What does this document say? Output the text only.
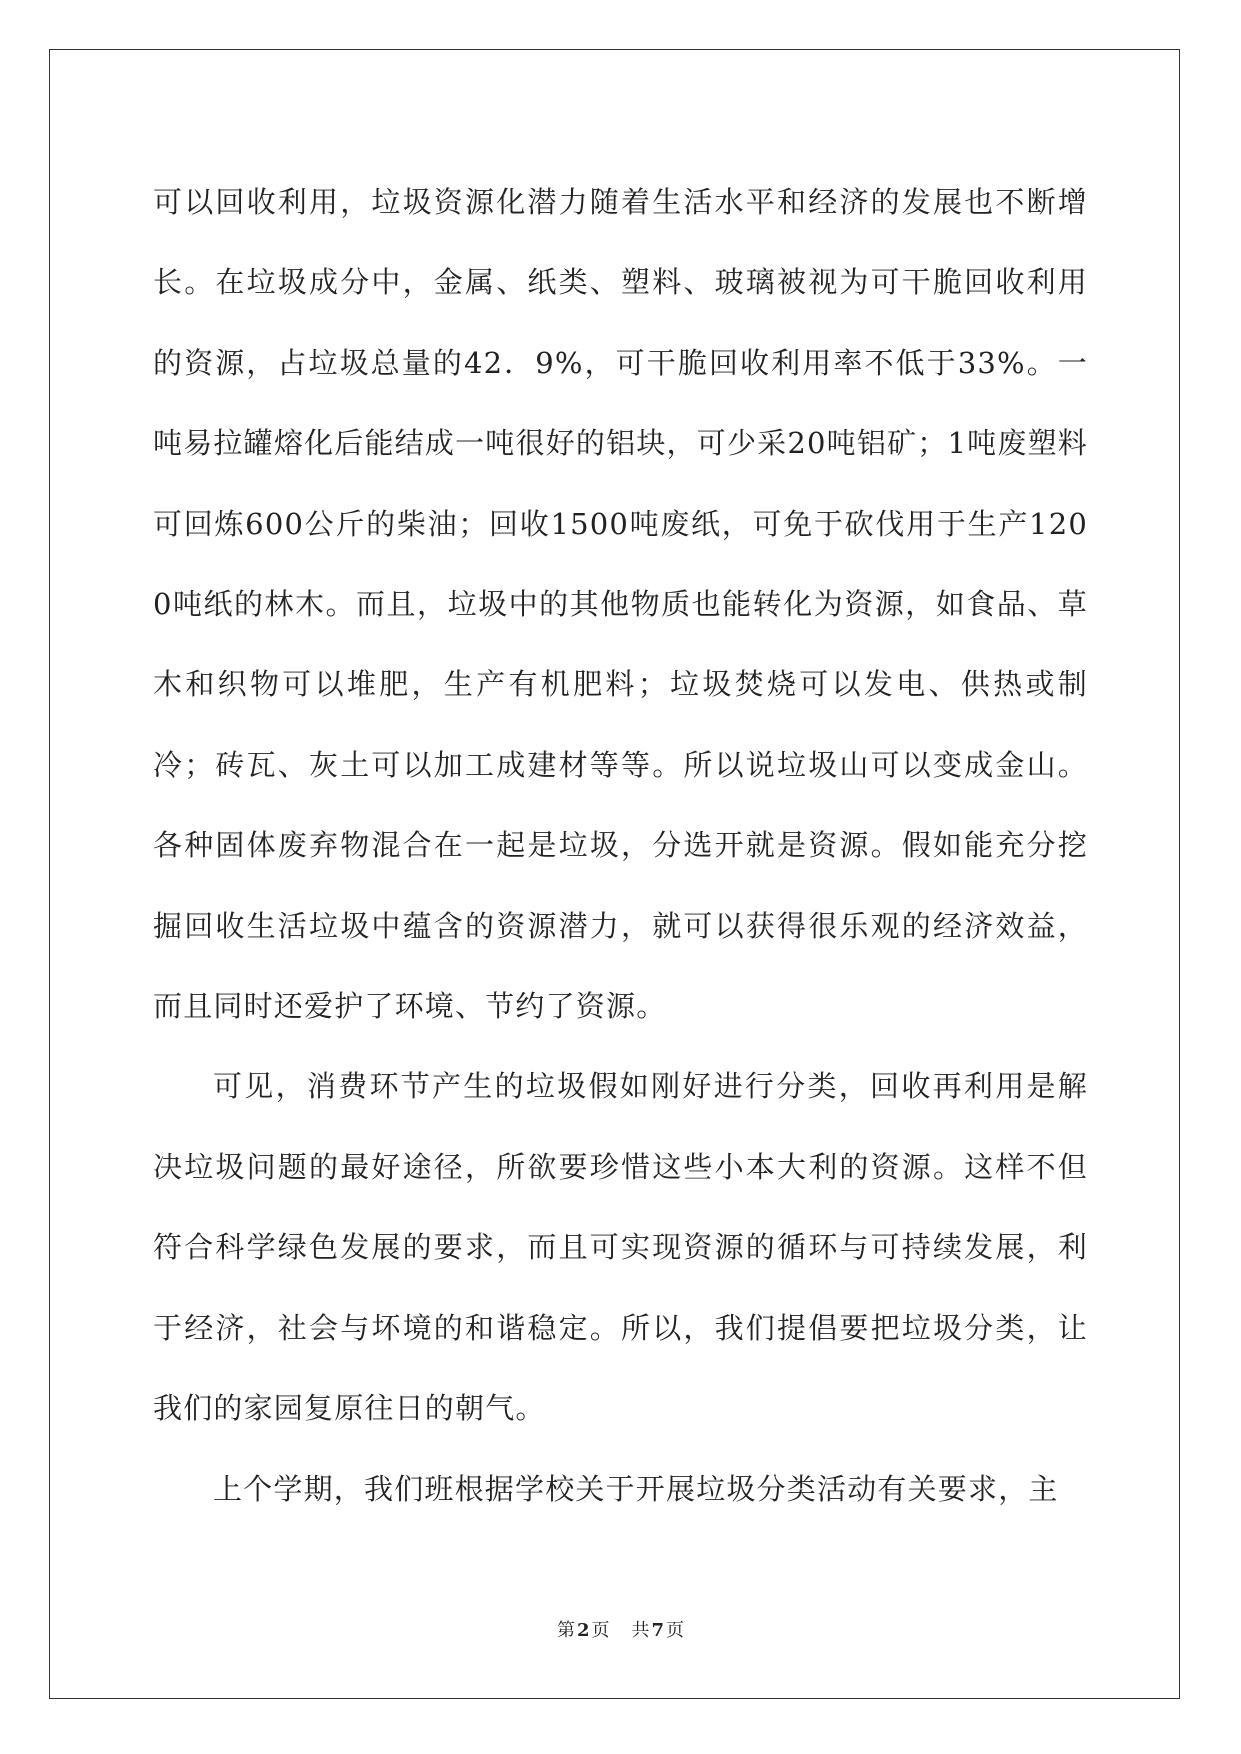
可以回收利用，垃圾资源化潜力随着生活水平和经济的发展也不断增长。在垃圾成分中，金属、纸类、塑料、玻璃被视为可干脆回收利用的资源，占垃圾总量的42．9%，可干脆回收利用率不低于33%。一吨易拉罐熔化后能结成一吨很好的铝块，可少采20吨铝矿；1吨废塑料可回炼600公斤的柴油；回收1500吨废纸，可免于砍伐用于生产1200吨纸的林木。而且，垃圾中的其他物质也能转化为资源，如食品、草木和织物可以堆肥，生产有机肥料；垃圾焚烧可以发电、供热或制冷；砖瓦、灰土可以加工成建材等等。所以说垃圾山可以变成金山。各种固体废弃物混合在一起是垃圾，分选开就是资源。假如能充分挖掘回收生活垃圾中蕴含的资源潜力，就可以获得很乐观的经济效益，而且同时还爱护了环境、节约了资源。

可见，消费环节产生的垃圾假如刚好进行分类，回收再利用是解决垃圾问题的最好途径，所欲要珍惜这些小本大利的资源。这样不但符合科学绿色发展的要求，而且可实现资源的循环与可持续发展，利于经济，社会与坏境的和谐稳定。所以，我们提倡要把垃圾分类，让我们的家园复原往日的朝气。

上个学期，我们班根据学校关于开展垃圾分类活动有关要求，主

第 2 页 共 7 页
